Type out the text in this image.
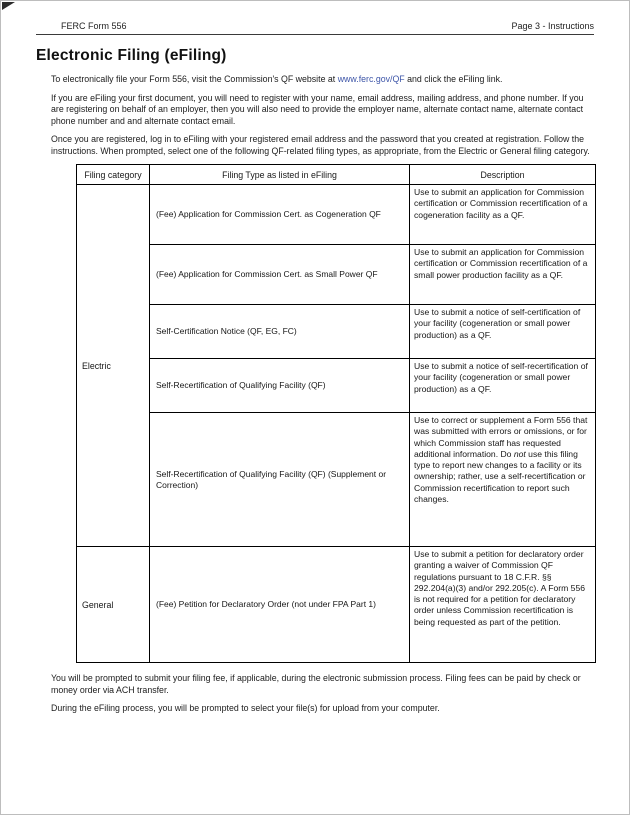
FERC Form 556	Page 3 - Instructions
Electronic Filing (eFiling)

To electronically file your Form 556, visit the Commission's QF website at www.ferc.gov/QF and click the eFiling link.

If you are eFiling your first document, you will need to register with your name, email address, mailing address, and phone number. If you are registering on behalf of an employer, then you will also need to provide the employer name, alternate contact name, alternate contact phone number and and alternate contact email.

Once you are registered, log in to eFiling with your registered email address and the password that you created at registration. Follow the instructions. When prompted, select one of the following QF-related filing types, as appropriate, from the Electric or General filing category.

Filing category	Filing Type as listed in eFiling	Description
Electric	(Fee) Application for Commission Cert. as Cogeneration QF	Use to submit an application for Commission certification or Commission recertification of a cogeneration facility as a QF.
	(Fee) Application for Commission Cert. as Small Power QF	Use to submit an application for Commission certification or Commission recertification of a small power production facility as a QF.
	Self-Certification Notice (QF, EG, FC)	Use to submit a notice of self-certification of your facility (cogeneration or small power production) as a QF.
	Self-Recertification of Qualifying Facility (QF)	Use to submit a notice of self-recertification of your facility (cogeneration or small power production) as a QF.
	Self-Recertification of Qualifying Facility (QF) (Supplement or Correction)	Use to correct or supplement a Form 556 that was submitted with errors or omissions, or for which Commission staff has requested additional information. Do not use this filing type to report new changes to a facility or its ownership; rather, use a self-recertification or Commission recertification to report such changes.
General	(Fee) Petition for Declaratory Order (not under FPA Part 1)	Use to submit a petition for declaratory order granting a waiver of Commission QF regulations pursuant to 18 C.F.R. §§ 292.204(a)(3) and/or 292.205(c). A Form 556 is not required for a petition for declaratory order unless Commission recertification is being requested as part of the petition.

You will be prompted to submit your filing fee, if applicable, during the electronic submission process. Filing fees can be paid by check or money order via ACH transfer.

During the eFiling process, you will be prompted to select your file(s) for upload from your computer.
